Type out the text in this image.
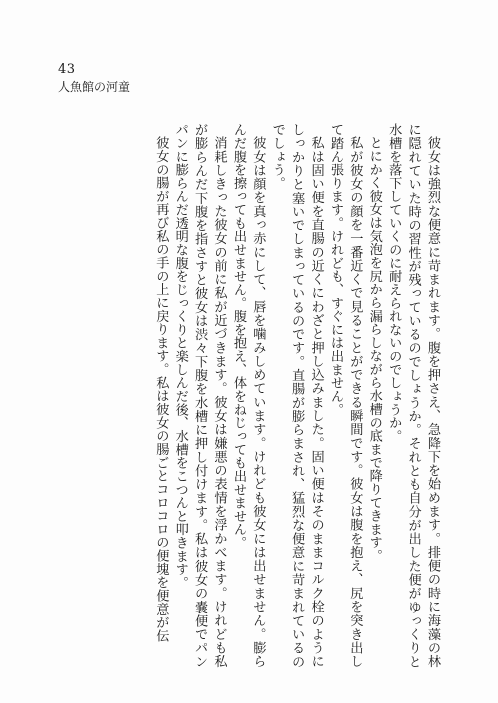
43
人魚館の河童

彼女は強烈な便意に苛まれます。腹を押さえ、急降下を始めます。排便の時に海藻の林に隠れていた時の習性が残っているのでしょうか。それとも自分が出した便がゆっくりと水槽を落下していくのに耐えられないのでしょうか。

とにかく彼女は気泡を尻から漏らしながら水槽の底まで降りてきます。

私が彼女の顔を一番近くで見ることができる瞬間です。彼女は腹を抱え、尻を突き出して踏ん張ります。けれども、すぐには出ません。

私は固い便を直腸の近くにわざと押し込みました。固い便はそのままコルク栓のようにしっかりと塞いでしまっているのです。直腸が膨らまされ、猛烈な便意に苛まれているのでしょう。

彼女は顔を真っ赤にして、唇を噛みしめています。けれども彼女には出せません。膨らんだ腹を擦っても出せません。腹を抱え、体をねじっても出せません。

消耗しきった彼女の前に私が近づきます。彼女は嫌悪の表情を浮かべます。けれども私が膨らんだ下腹を指さすと彼女は渋々下腹を水槽に押し付けます。私は彼女の嚢便でパンパンに膨らんだ透明な腹をじっくりと楽しんだ後、水槽をこつんと叩きます。

彼女の腸が再び私の手の上に戻ります。私は彼女の腸ごとコロコロの便塊を便意が伝
